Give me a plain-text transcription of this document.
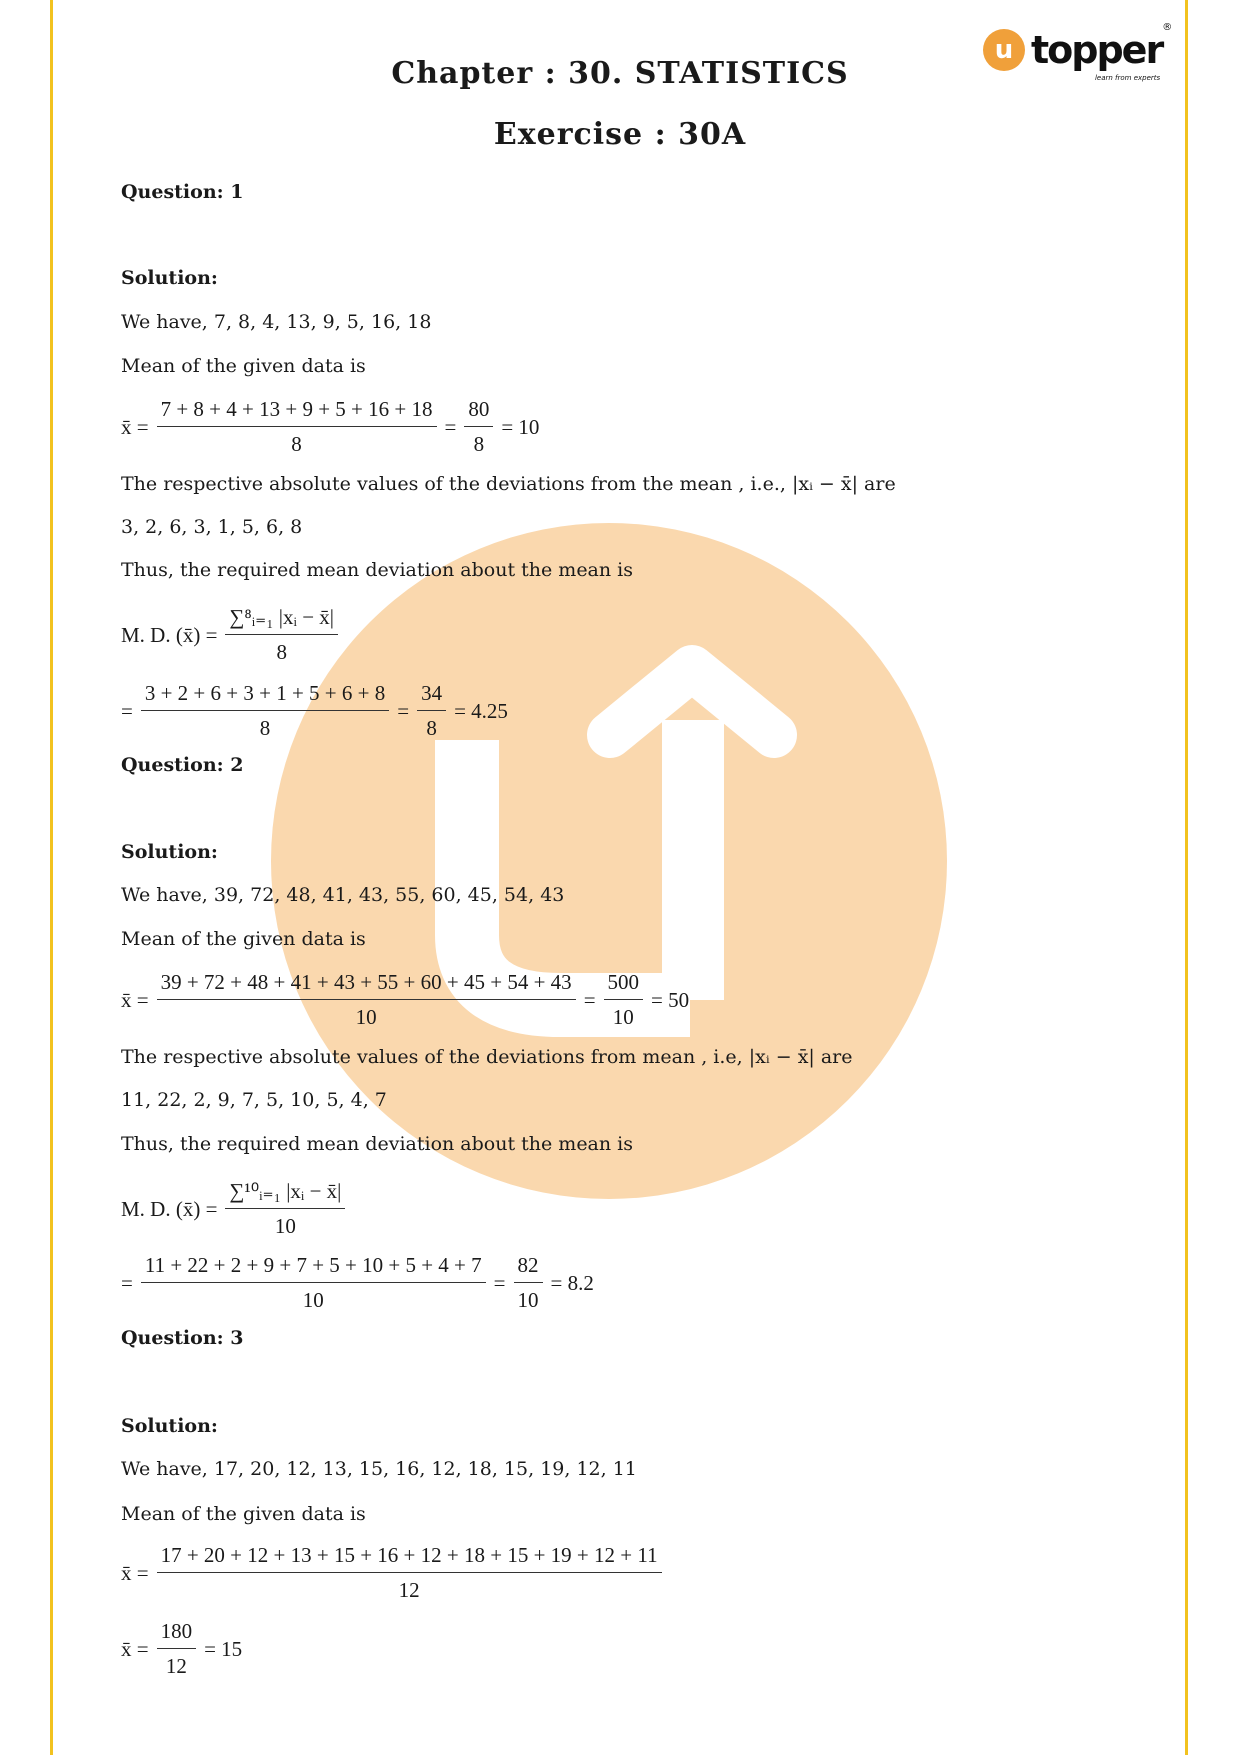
u topper
®
learn from experts
Chapter : 30. STATISTICS
Exercise : 30A
Question: 1
Solution:
We have, 7, 8, 4, 13, 9, 5, 16, 18
Mean of the given data is
x̄ = $\frac{7 + 8 + 4 + 13 + 9 + 5 + 16 + 18}{8} = \frac{80}{8} = 10$
The respective absolute values of the deviations from the mean , i.e., |xᵢ − x̄| are
3, 2, 6, 3, 1, 5, 6, 8
Thus, the required mean deviation about the mean is
M. D. (x̄) = $\frac{\text{∑⁸ᵢ₌₁ |xᵢ − x̄|}}{8}$
= $\frac{3 + 2 + 6 + 3 + 1 + 5 + 6 + 8}{8} = \frac{34}{8} = 4.25$
Question: 2
Solution:
We have, 39, 72, 48, 41, 43, 55, 60, 45, 54, 43
Mean of the given data is
x̄ = $\frac{39 + 72 + 48 + 41 + 43 + 55 + 60 + 45 + 54 + 43}{10} = \frac{500}{10} = 50$
The respective absolute values of the deviations from mean , i.e, |xᵢ − x̄| are
11, 22, 2, 9, 7, 5, 10, 5, 4, 7
Thus, the required mean deviation about the mean is
M. D. (x̄) = $\frac{\text{∑¹⁰ᵢ₌₁ |xᵢ − x̄|}}{10}$
= $\frac{11 + 22 + 2 + 9 + 7 + 5 + 10 + 5 + 4 + 7}{10} = \frac{82}{10} = 8.2$
Question: 3
Solution:
We have, 17, 20, 12, 13, 15, 16, 12, 18, 15, 19, 12, 11
Mean of the given data is
x̄ =
17 + 20 + 12 + 13 + 15 + 16 + 12 + 18 + 15 + 19 + 12 + 11
12
x̄ = $\frac{180}{12} = 15$
